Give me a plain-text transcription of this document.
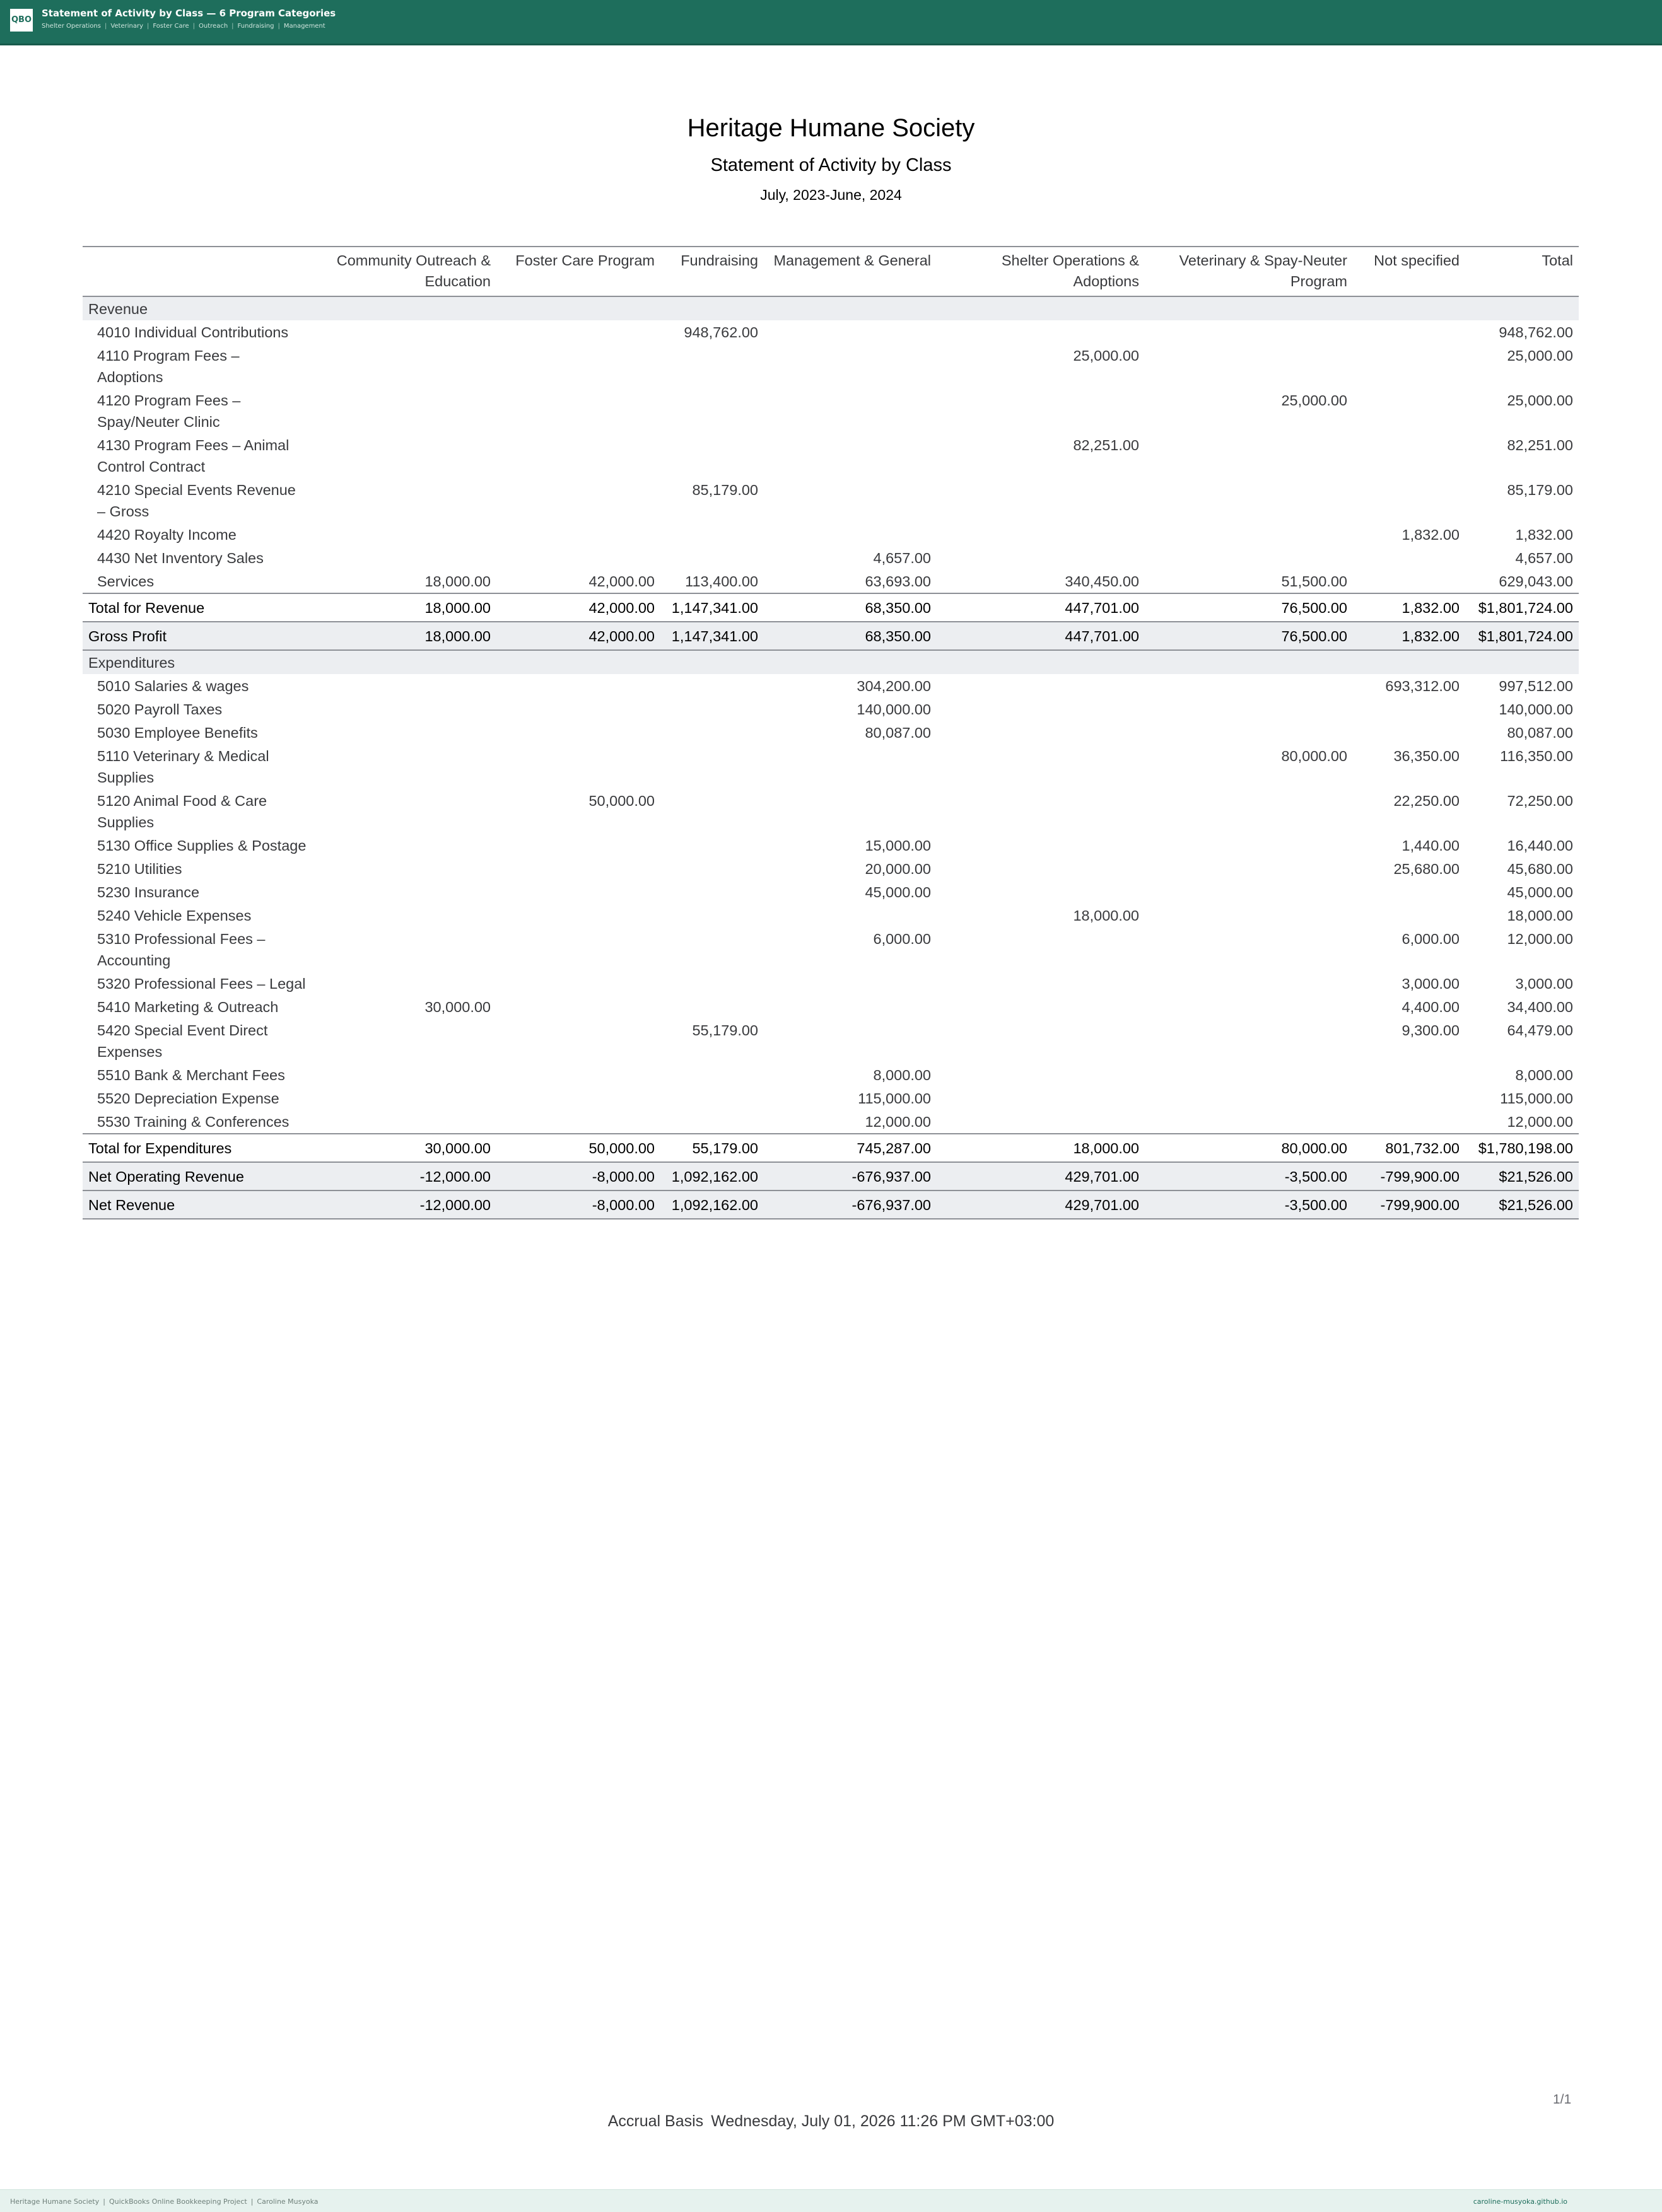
QBO
Statement of Activity by Class — 6 Program Categories
Shelter Operations | Veterinary | Foster Care | Outreach | Fundraising | Management
Heritage Humane Society
Statement of Activity by Class
July, 2023-June, 2024
	Community Outreach & Education	Foster Care Program	Fundraising	Management & General	Shelter Operations & Adoptions	Veterinary & Spay-Neuter Program	Not specified	Total
Revenue								
4010 Individual Contributions			948,762.00					948,762.00
4110 Program Fees – Adoptions					25,000.00			25,000.00
4120 Program Fees – Spay/Neuter Clinic						25,000.00		25,000.00
4130 Program Fees – Animal Control Contract					82,251.00			82,251.00
4210 Special Events Revenue – Gross			85,179.00					85,179.00
4420 Royalty Income							1,832.00	1,832.00
4430 Net Inventory Sales				4,657.00				4,657.00
Services	18,000.00	42,000.00	113,400.00	63,693.00	340,450.00	51,500.00		629,043.00
Total for Revenue	18,000.00	42,000.00	1,147,341.00	68,350.00	447,701.00	76,500.00	1,832.00	$1,801,724.00
Gross Profit	18,000.00	42,000.00	1,147,341.00	68,350.00	447,701.00	76,500.00	1,832.00	$1,801,724.00
Expenditures								
5010 Salaries & wages				304,200.00			693,312.00	997,512.00
5020 Payroll Taxes				140,000.00				140,000.00
5030 Employee Benefits				80,087.00				80,087.00
5110 Veterinary & Medical Supplies						80,000.00	36,350.00	116,350.00
5120 Animal Food & Care Supplies		50,000.00					22,250.00	72,250.00
5130 Office Supplies & Postage				15,000.00			1,440.00	16,440.00
5210 Utilities				20,000.00			25,680.00	45,680.00
5230 Insurance				45,000.00				45,000.00
5240 Vehicle Expenses					18,000.00			18,000.00
5310 Professional Fees – Accounting				6,000.00			6,000.00	12,000.00
5320 Professional Fees – Legal							3,000.00	3,000.00
5410 Marketing & Outreach	30,000.00						4,400.00	34,400.00
5420 Special Event Direct Expenses			55,179.00				9,300.00	64,479.00
5510 Bank & Merchant Fees				8,000.00				8,000.00
5520 Depreciation Expense				115,000.00				115,000.00
5530 Training & Conferences				12,000.00				12,000.00
Total for Expenditures	30,000.00	50,000.00	55,179.00	745,287.00	18,000.00	80,000.00	801,732.00	$1,780,198.00
Net Operating Revenue	-12,000.00	-8,000.00	1,092,162.00	-676,937.00	429,701.00	-3,500.00	-799,900.00	$21,526.00
Net Revenue	-12,000.00	-8,000.00	1,092,162.00	-676,937.00	429,701.00	-3,500.00	-799,900.00	$21,526.00
1/1
Accrual Basis Wednesday, July 01, 2026 11:26 PM GMT+03:00
Heritage Humane Society | QuickBooks Online Bookkeeping Project | Caroline Musyoka	caroline-musyoka.github.io
